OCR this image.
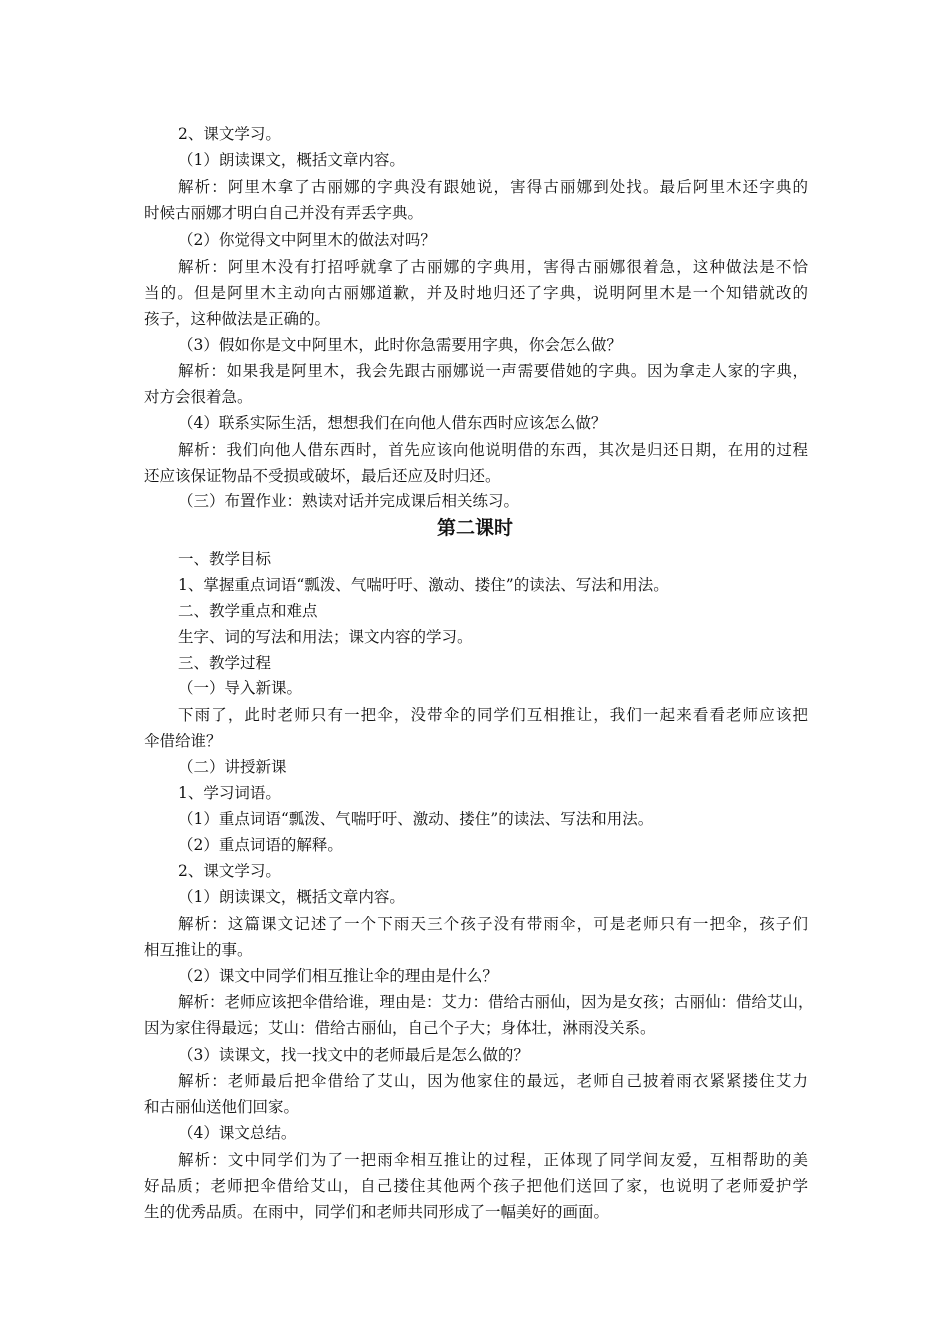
2、课文学习。

（1）朗读课文，概括文章内容。

解析：阿里木拿了古丽娜的字典没有跟她说，害得古丽娜到处找。最后阿里木还字典的

时候古丽娜才明白自己并没有弄丢字典。

（2）你觉得文中阿里木的做法对吗？

解析：阿里木没有打招呼就拿了古丽娜的字典用，害得古丽娜很着急，这种做法是不恰

当的。但是阿里木主动向古丽娜道歉，并及时地归还了字典，说明阿里木是一个知错就改的

孩子，这种做法是正确的。

（3）假如你是文中阿里木，此时你急需要用字典，你会怎么做？

解析：如果我是阿里木，我会先跟古丽娜说一声需要借她的字典。因为拿走人家的字典，

对方会很着急。

（4）联系实际生活，想想我们在向他人借东西时应该怎么做？

解析：我们向他人借东西时，首先应该向他说明借的东西，其次是归还日期，在用的过程

还应该保证物品不受损或破坏，最后还应及时归还。

（三）布置作业：熟读对话并完成课后相关练习。

第二课时

一、教学目标

1、掌握重点词语“瓢泼、气喘吁吁、激动、搂住”的读法、写法和用法。

二、教学重点和难点

生字、词的写法和用法；课文内容的学习。

三、教学过程

（一）导入新课。

下雨了，此时老师只有一把伞，没带伞的同学们互相推让，我们一起来看看老师应该把

伞借给谁？

（二）讲授新课

1、学习词语。

（1）重点词语“瓢泼、气喘吁吁、激动、搂住”的读法、写法和用法。

（2）重点词语的解释。

2、课文学习。

（1）朗读课文，概括文章内容。

解析：这篇课文记述了一个下雨天三个孩子没有带雨伞，可是老师只有一把伞，孩子们

相互推让的事。

（2）课文中同学们相互推让伞的理由是什么？

解析：老师应该把伞借给谁，理由是：艾力：借给古丽仙，因为是女孩；古丽仙：借给艾山，

因为家住得最远；艾山：借给古丽仙，自己个子大；身体壮，淋雨没关系。

（3）读课文，找一找文中的老师最后是怎么做的？

解析：老师最后把伞借给了艾山，因为他家住的最远，老师自己披着雨衣紧紧搂住艾力

和古丽仙送他们回家。

（4）课文总结。

解析：文中同学们为了一把雨伞相互推让的过程，正体现了同学间友爱，互相帮助的美

好品质；老师把伞借给艾山，自己搂住其他两个孩子把他们送回了家，也说明了老师爱护学

生的优秀品质。在雨中，同学们和老师共同形成了一幅美好的画面。
